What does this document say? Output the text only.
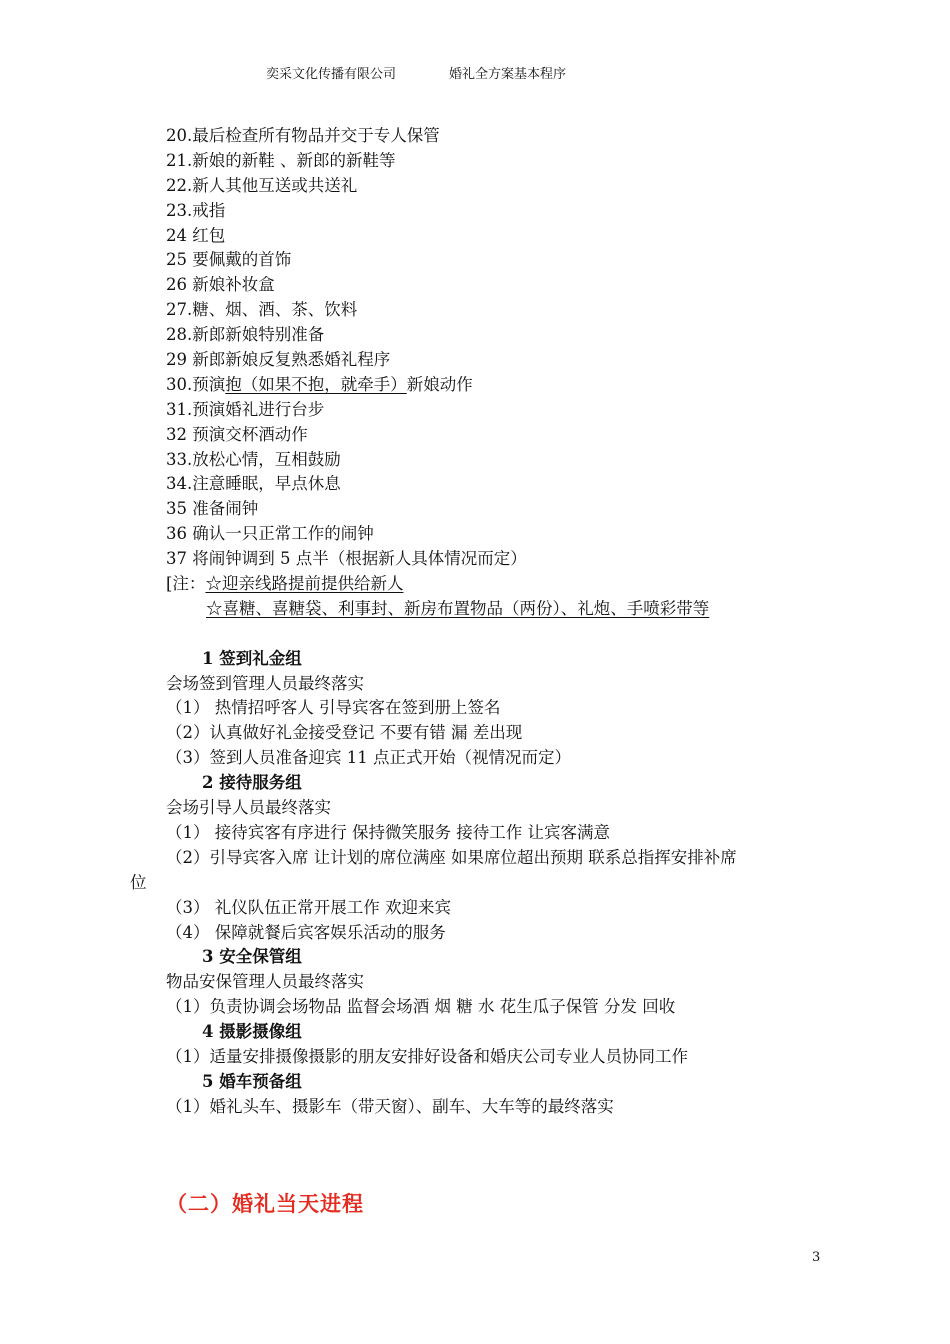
奕采文化传播有限公司	婚礼全方案基本程序
20.最后检查所有物品并交于专人保管
21.新娘的新鞋 、新郎的新鞋等
22.新人其他互送或共送礼
23.戒指
24 红包
25 要佩戴的首饰
26 新娘补妆盒
27.糖、烟、酒、茶、饮料
28.新郎新娘特别准备
29 新郎新娘反复熟悉婚礼程序
30.预演抱（如果不抱，就牵手）新娘动作
31.预演婚礼进行台步
32 预演交杯酒动作
33.放松心情，互相鼓励
34.注意睡眠，早点休息
35 准备闹钟
36 确认一只正常工作的闹钟
37 将闹钟调到 5 点半（根据新人具体情况而定）
[注：☆迎亲线路提前提供给新人
☆喜糖、喜糖袋、利事封、新房布置物品（两份）、礼炮、手喷彩带等
1 签到礼金组
会场签到管理人员最终落实
（1） 热情招呼客人 引导宾客在签到册上签名
（2）认真做好礼金接受登记 不要有错 漏 差出现
（3）签到人员准备迎宾 11 点正式开始（视情况而定）
2 接待服务组
会场引导人员最终落实
（1） 接待宾客有序进行 保持微笑服务 接待工作 让宾客满意
（2）引导宾客入席 让计划的席位满座 如果席位超出预期 联系总指挥安排补席
位
（3） 礼仪队伍正常开展工作 欢迎来宾
（4） 保障就餐后宾客娱乐活动的服务
3 安全保管组
物品安保管理人员最终落实
（1）负责协调会场物品 监督会场酒 烟 糖 水 花生瓜子保管 分发 回收
4 摄影摄像组
（1）适量安排摄像摄影的朋友安排好设备和婚庆公司专业人员协同工作
5 婚车预备组
（1）婚礼头车、摄影车（带天窗）、副车、大车等的最终落实
（二）婚礼当天进程
3
